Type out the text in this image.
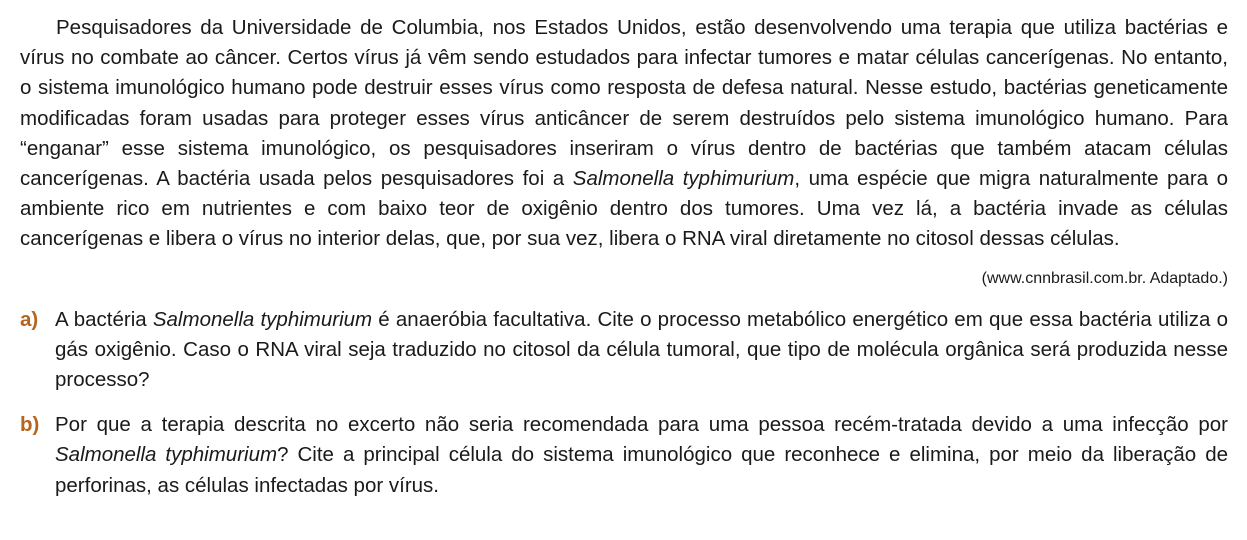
Pesquisadores da Universidade de Columbia, nos Estados Unidos, estão desenvolvendo uma terapia que utiliza bactérias e vírus no combate ao câncer. Certos vírus já vêm sendo estudados para infectar tumores e matar células cancerígenas. No entanto, o sistema imunológico humano pode destruir esses vírus como resposta de defesa natural. Nesse estudo, bactérias geneticamente modificadas foram usadas para proteger esses vírus anticâncer de serem destruídos pelo sistema imunológico humano. Para “enganar” esse sistema imunológico, os pesquisadores inseriram o vírus dentro de bactérias que também atacam células cancerígenas. A bactéria usada pelos pesquisadores foi a Salmonella typhimurium, uma espécie que migra naturalmente para o ambiente rico em nutrientes e com baixo teor de oxigênio dentro dos tumores. Uma vez lá, a bactéria invade as células cancerígenas e libera o vírus no interior delas, que, por sua vez, libera o RNA viral diretamente no citosol dessas células.

(www.cnnbrasil.com.br. Adaptado.)

a) A bactéria Salmonella typhimurium é anaeróbia facultativa. Cite o processo metabólico energético em que essa bactéria utiliza o gás oxigênio. Caso o RNA viral seja traduzido no citosol da célula tumoral, que tipo de molécula orgânica será produzida nesse processo?

b) Por que a terapia descrita no excerto não seria recomendada para uma pessoa recém-tratada devido a uma infecção por Salmonella typhimurium? Cite a principal célula do sistema imunológico que reconhece e elimina, por meio da liberação de perforinas, as células infectadas por vírus.
